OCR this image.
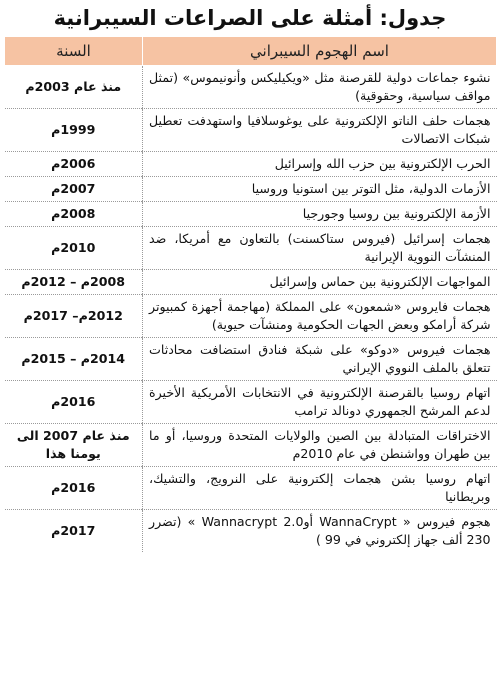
جدول: أمثلة على الصراعات السيبرانية
اسم الهجوم السيبراني	السنة
نشوء جماعات دولية للقرصنة مثل «ويكيليكس وأنونيموس» (تمثل مواقف سياسية، وحقوقية)	منذ عام 2003م
هجمات حلف الناتو الإلكترونية على يوغوسلافيا واستهدفت تعطيل شبكات الاتصالات	1999م
الحرب الإلكترونية بين حزب الله وإسرائيل	2006م
الأزمات الدولية، مثل التوتر بين استونيا وروسيا	2007م
الأزمة الإلكترونية بين روسيا وجورجيا	2008م
هجمات إسرائيل (فيروس ستاكسنت) بالتعاون مع أمريكا، ضد المنشآت النووية الإيرانية	2010م
المواجهات الإلكترونية بين حماس وإسرائيل	2008م – 2012م
هجمات فايروس «شمعون» على المملكة (مهاجمة أجهزة كمبيوتر شركة أرامكو وبعض الجهات الحكومية ومنشآت حيوية)	2012م– 2017م
هجمات فيروس «دوكو» على شبكة فنادق استضافت محادثات تتعلق بالملف النووي الإيراني	2014م – 2015م
اتهام روسيا بالقرصنة الإلكترونية في الانتخابات الأمريكية الأخيرة لدعم المرشح الجمهوري دونالد ترامب	2016م
الاختراقات المتبادلة بين الصين والولايات المتحدة وروسيا، أو ما بين طهران وواشنطن في عام 2010م	منذ عام 2007 الى يومنا هذا
اتهام روسيا بشن هجمات إلكترونية على النرويج، والتشيك، وبريطانيا	2016م
هجوم فيروس « WannaCrypt أو2.0 Wannacrypt » (تضرر 230 ألف جهاز إلكتروني في 99 )	2017م
